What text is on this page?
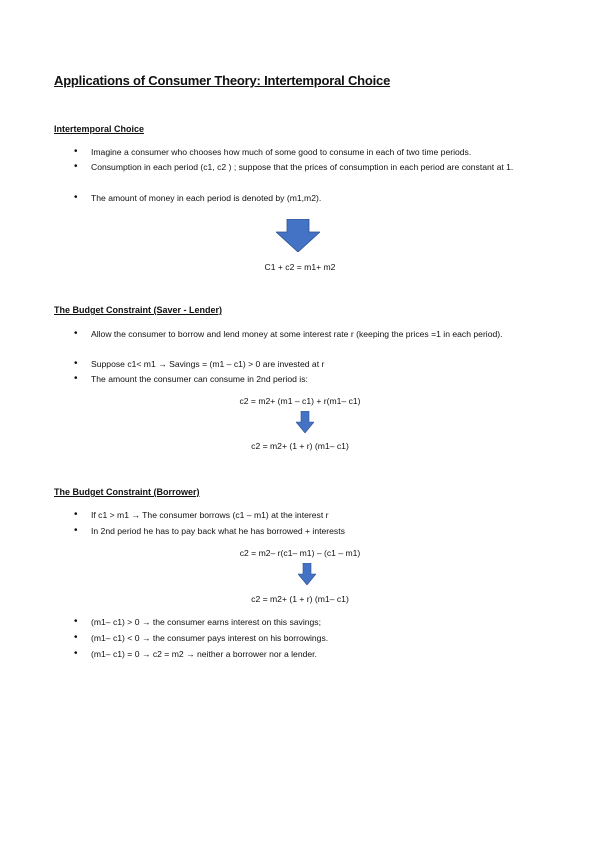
Applications of Consumer Theory: Intertemporal Choice
Intertemporal Choice
• Imagine a consumer who chooses how much of some good to consume in each of two time periods.
• Consumption in each period (c1, c2 ) ; suppose that the prices of consumption in each period are constant at 1.
• The amount of money in each period is denoted by (m1,m2).
C1 + c2 = m1+ m2
The Budget Constraint (Saver - Lender)
• Allow the consumer to borrow and lend money at some interest rate r (keeping the prices =1 in each period).
• Suppose c1< m1 → Savings = (m1 – c1) > 0 are invested at r
• The amount the consumer can consume in 2nd period is:
c2 = m2+ (m1 – c1) + r(m1– c1)
c2 = m2+ (1 + r) (m1– c1)
The Budget Constraint (Borrower)
• If c1 > m1 → The consumer borrows (c1 – m1) at the interest r
• In 2nd period he has to pay back what he has borrowed + interests
c2 = m2– r(c1– m1) – (c1 – m1)
c2 = m2+ (1 + r) (m1– c1)
• (m1– c1) > 0 → the consumer earns interest on this savings;
• (m1– c1) < 0 → the consumer pays interest on his borrowings.
• (m1– c1) = 0 → c2 = m2 → neither a borrower nor a lender.
